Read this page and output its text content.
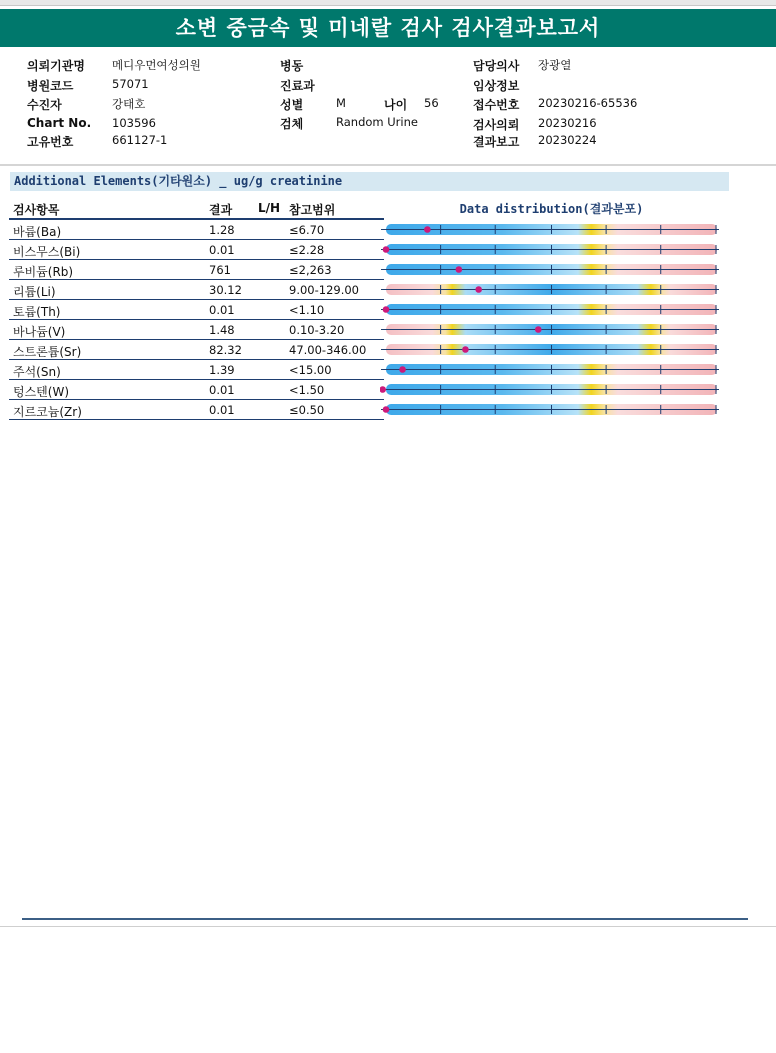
소변 중금속 및 미네랄 검사 검사결과보고서
의뢰기관명 메디우먼여성의원
병원코드	57071
수진자	강태호
Chart No. 103596
고유번호	661127-1
병동
진료과
성별	M	나이 56
검체	Random Urine
담당의사 장광열
임상정보
접수번호 20230216-65536
검사의뢰 20230216
결과보고 20230224
Additional Elements(기타원소) _ ug/g creatinine
검사항목	결과 L/H 참고범위	Data distribution(결과분포)
바륨(Ba)	1.28	≤6.70
비스무스(Bi)	0.01	≤2.28
루비듐(Rb)	761	≤2,263
리튬(Li)	30.12	9.00-129.00
토륨(Th)	0.01	<1.10
바나듐(V)	1.48	0.10-3.20
스트론튬(Sr)	82.32	47.00-346.00
주석(Sn)	1.39	<15.00
텅스텐(W)	0.01	<1.50
지르코늄(Zr)	0.01	≤0.50
